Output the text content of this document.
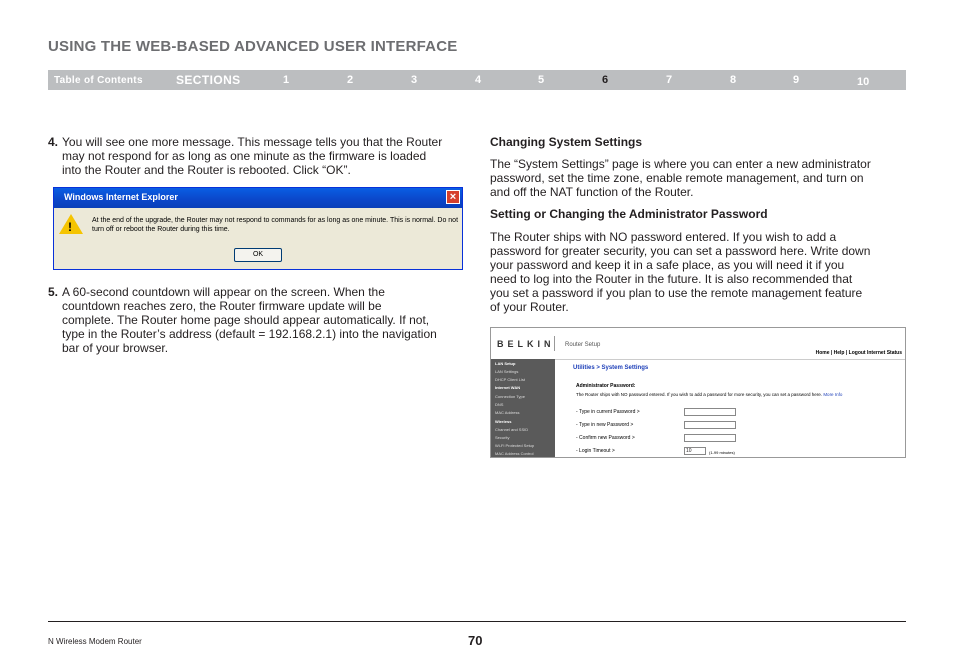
USING THE WEB-BASED ADVANCED USER INTERFACE
Table of Contents	SECTIONS	1	2	3	4	5	6	7	8	9	10

4. You will see one more message. This message tells you that the Router

may not respond for as long as one minute as the firmware is loaded

into the Router and the Router is rebooted. Click “OK”.

Windows Internet Explorer	×
!	At the end of the upgrade, the Router may not respond to commands for as long as one minute. This is normal. Do not turn off or reboot the Router during this time.
OK

5. A 60-second countdown will appear on the screen. When the

countdown reaches zero, the Router firmware update will be

complete. The Router home page should appear automatically. If not,

type in the Router’s address (default = 192.168.2.1) into the navigation

bar of your browser.

Changing System Settings

The “System Settings” page is where you can enter a new administrator

password, set the time zone, enable remote management, and turn on

and off the NAT function of the Router.

Setting or Changing the Administrator Password

The Router ships with NO password entered. If you wish to add a

password for greater security, you can set a password here. Write down

your password and keep it in a safe place, as you will need it if you

need to log into the Router in the future. It is also recommended that

you set a password if you plan to use the remote management feature

of your Router.

BELKIN Router Setup
Home | Help | Logout Internet Status
LAN Setup
LAN Settings
DHCP Client List
Internet WAN
Connection Type
DNS
MAC Address
Wireless
Channel and SSID
Security
Wi-Fi Protected Setup
MAC Address Control
Utilities > System Settings
Administrator Password:
The Router ships with NO password entered. If you wish to add a password for more security, you can set a password here. More Info
- Type in current Password >
- Type in new Password >
- Confirm new Password >
- Login Timeout >	10	(1-99 minutes)
N Wireless Modem Router	70
